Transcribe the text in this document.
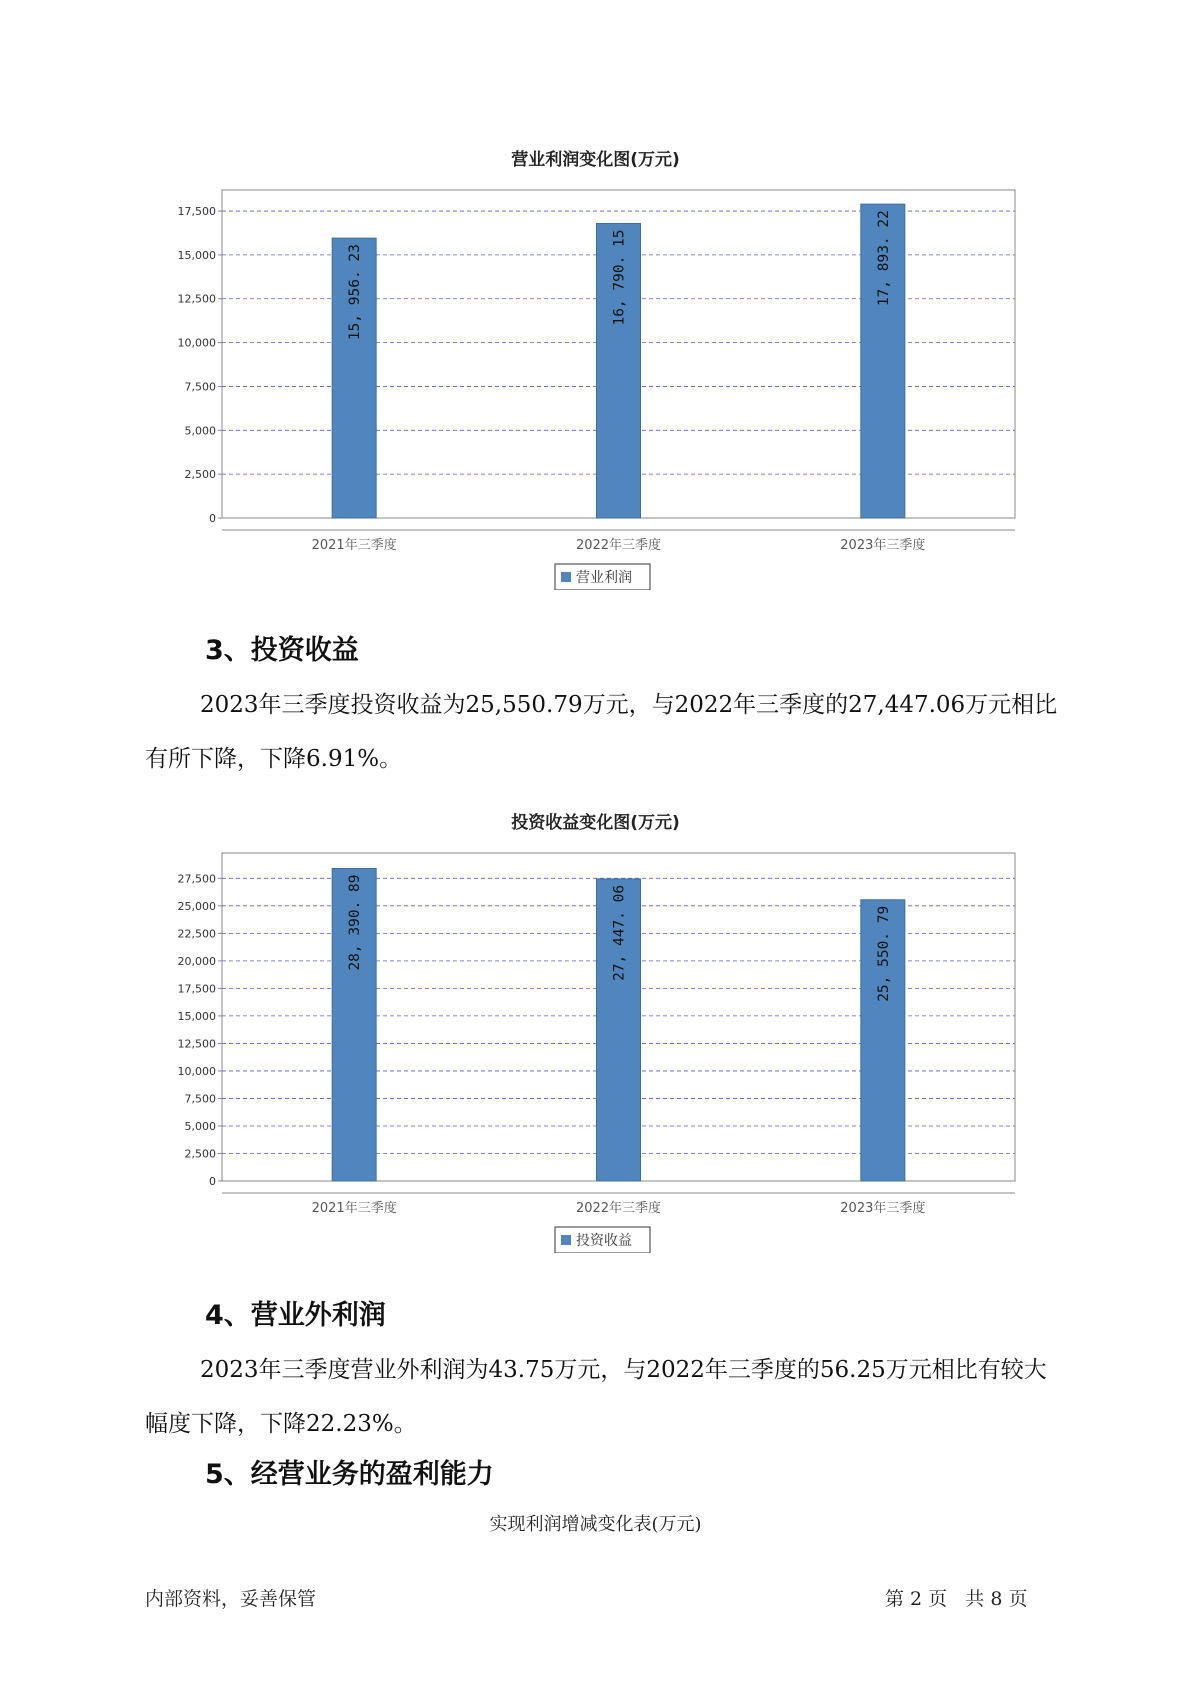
营业利润变化图(万元)
0
2,500
5,000
7,500
10,000
12,500
15,000
17,500
15, 956. 23
2021年三季度
16, 790. 15
2022年三季度
17, 893. 22
2023年三季度
营业利润
3、投资收益

2023年三季度投资收益为25,550.79万元，与2022年三季度的27,447.06万元相比有所下降，下降6.91%。

投资收益变化图(万元)
0
2,500
5,000
7,500
10,000
12,500
15,000
17,500
20,000
22,500
25,000
27,500	28, 390. 89
2021年三季度
27, 447. 06
2022年三季度
25, 550. 79
2023年三季度
投资收益
4、营业外利润

2023年三季度营业外利润为43.75万元，与2022年三季度的56.25万元相比有较大幅度下降，下降22.23%。

5、经营业务的盈利能力
实现利润增减变化表(万元)
内部资料，妥善保管	第 2 页   共 8 页
